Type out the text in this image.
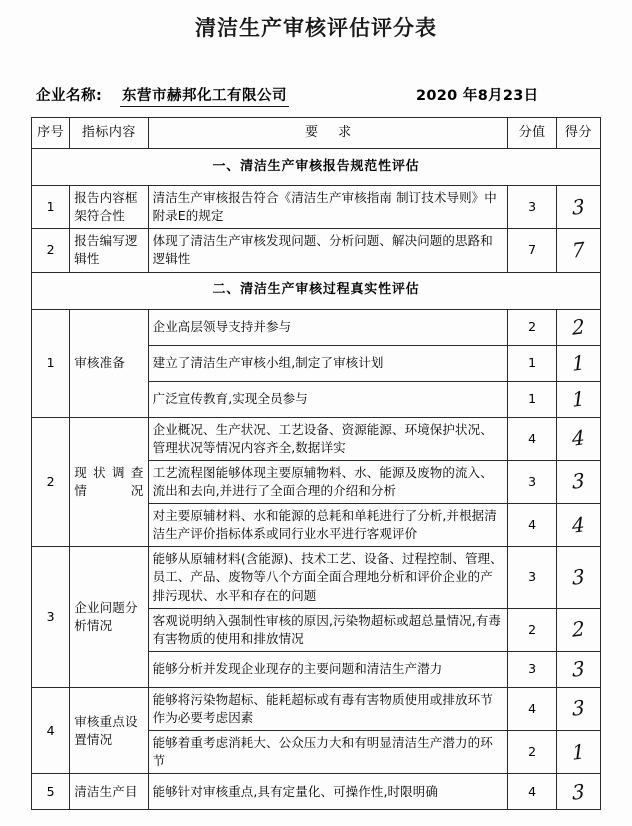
清洁生产审核评估评分表
企业名称: 东营市赫邦化工有限公司	2020 年8月23日
序号	指标内容	要 求	分值	得分
一、清洁生产审核报告规范性评估				
1	报告内容框架符合性	清洁生产审核报告符合《清洁生产审核指南 制订技术导则》中附录E的规定	3	3
2	报告编写逻辑性	体现了清洁生产审核发现问题、分析问题、解决问题的思路和逻辑性	7	7
二、清洁生产审核过程真实性评估				
1	审核准备	企业高层领导支持并参与	2	2
		建立了清洁生产审核小组,制定了审核计划	1	1
		广泛宣传教育,实现全员参与	1	1
2	现 状 调 查 情况	企业概况、生产状况、工艺设备、资源能源、环境保护状况、管理状况等情况内容齐全,数据详实	4	4
		工艺流程图能够体现主要原辅物料、水、能源及废物的流入、流出和去向,并进行了全面合理的介绍和分析	3	3
		对主要原辅材料、水和能源的总耗和单耗进行了分析,并根据清洁生产评价指标体系或同行业水平进行客观评价	4	4
3	企业问题分析情况	能够从原辅材料(含能源)、技术工艺、设备、过程控制、管理、员工、产品、废物等八个方面全面合理地分析和评价企业的产排污现状、水平和存在的问题	3	3
		客观说明纳入强制性审核的原因,污染物超标或超总量情况,有毒有害物质的使用和排放情况	2	2
		能够分析并发现企业现存的主要问题和清洁生产潜力	3	3
4	审核重点设置情况	能够将污染物超标、能耗超标或有毒有害物质使用或排放环节作为必要考虑因素	4	3
		能够着重考虑消耗大、公众压力大和有明显清洁生产潜力的环节	2	1
5	清洁生产目	能够针对审核重点,具有定量化、可操作性,时限明确	4	3
